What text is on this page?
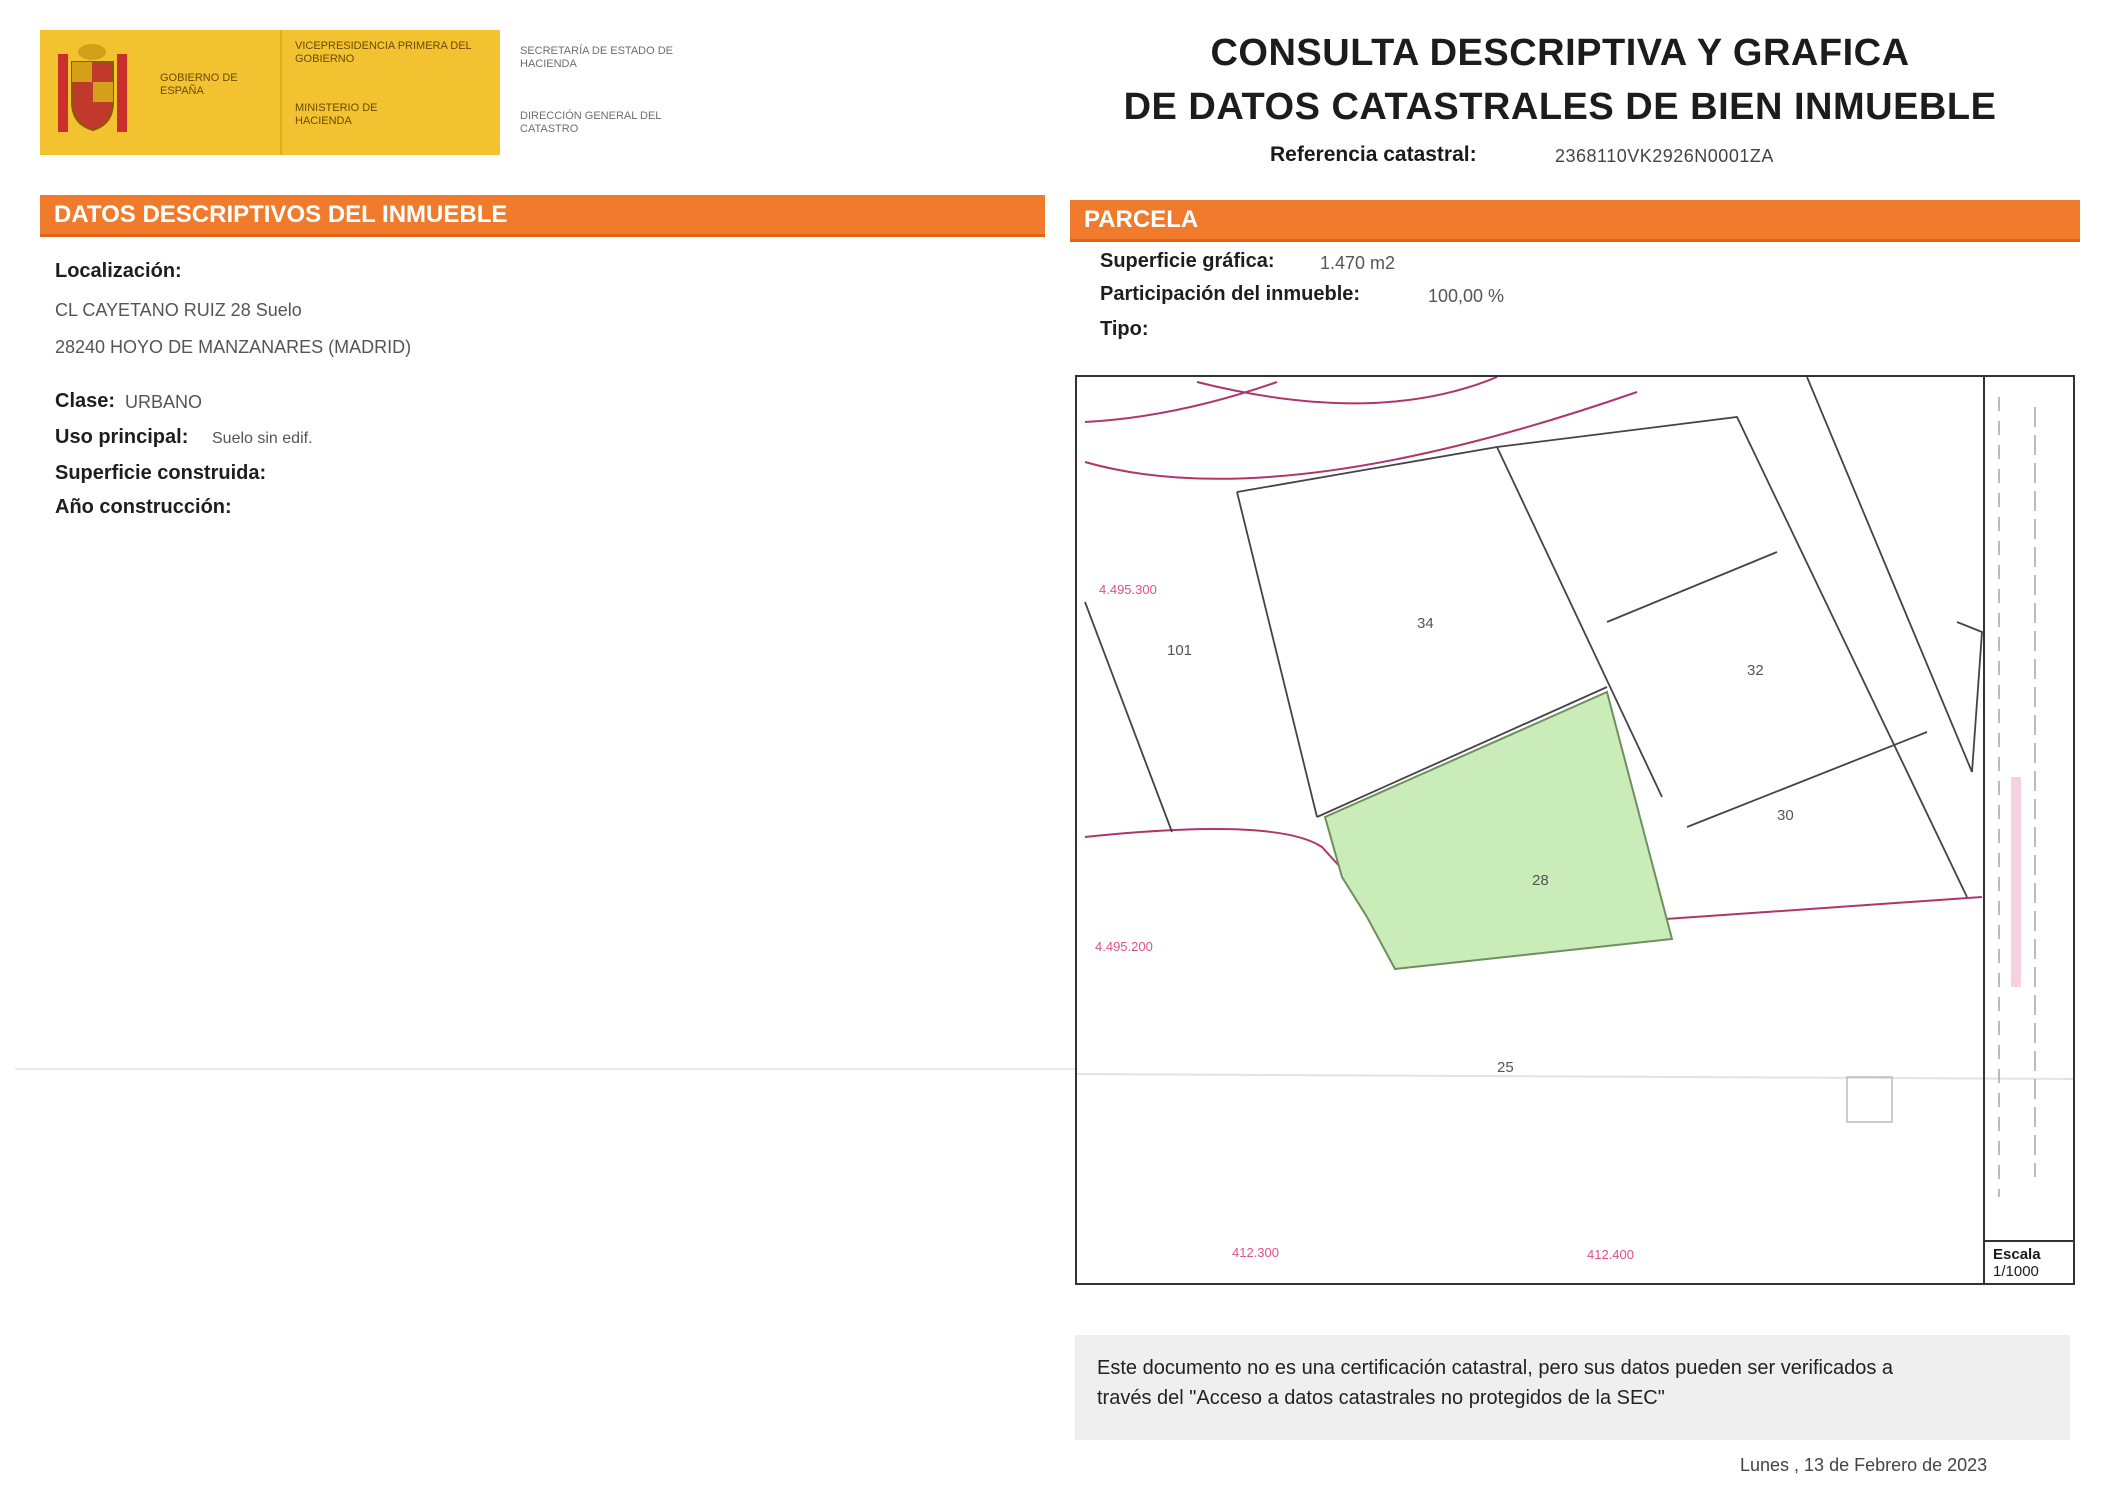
GOBIERNO DE ESPAÑA
VICEPRESIDENCIA PRIMERA DEL GOBIERNO
MINISTERIO DE HACIENDA
SECRETARÍA DE ESTADO DE HACIENDA
DIRECCIÓN GENERAL DEL CATASTRO
CONSULTA DESCRIPTIVA Y GRAFICA
DE DATOS CATASTRALES DE BIEN INMUEBLE
Referencia catastral:	2368110VK2926N0001ZA
DATOS DESCRIPTIVOS DEL INMUEBLE	PARCELA
Localización:
CL CAYETANO RUIZ 28 Suelo
28240 HOYO DE MANZANARES (MADRID)
Clase: URBANO
Uso principal: Suelo sin edif.
Superficie construida:
Año construcción:
Superficie gráfica:	1.470 m2
Participación del inmueble:	100,00 %
Tipo:
34
101
32
30
28
25
4.495.300
4.495.200
412.300	412.400	Escala
1/1000
Este documento no es una certificación catastral, pero sus datos pueden ser verificados a
través del "Acceso a datos catastrales no protegidos de la SEC"
Lunes , 13 de Febrero de 2023
